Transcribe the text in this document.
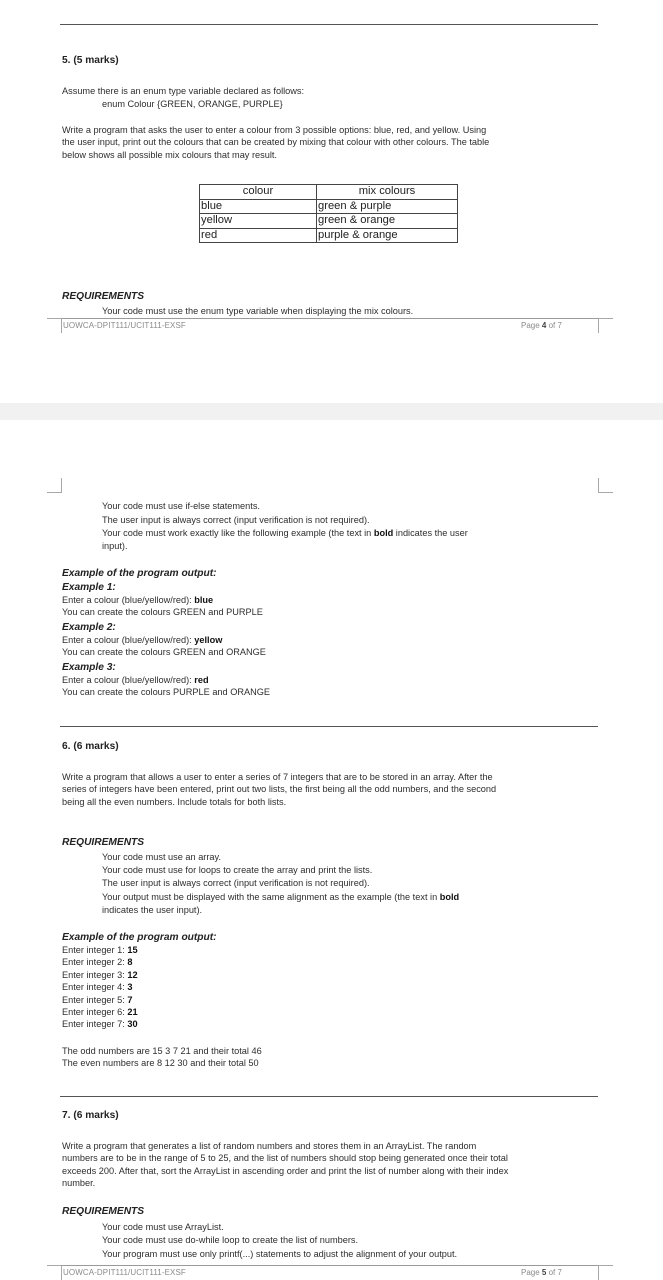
5. (5 marks)
Assume there is an enum type variable declared as follows:
enum Colour {GREEN, ORANGE, PURPLE}
Write a program that asks the user to enter a colour from 3 possible options: blue, red, and yellow. Using
the user input, print out the colours that can be created by mixing that colour with other colours. The table
below shows all possible mix colours that may result.
colour	mix colours
blue	green & purple
yellow	green & orange
red	purple & orange
REQUIREMENTS
Your code must use the enum type variable when displaying the mix colours.
UOWCA-DPIT111/UCIT111-EXSF	Page 4 of 7
Your code must use if-else statements.
The user input is always correct (input verification is not required).
Your code must work exactly like the following example (the text in bold indicates the user
input).
Example of the program output:
Example 1:
Enter a colour (blue/yellow/red): blue
You can create the colours GREEN and PURPLE
Example 2:
Enter a colour (blue/yellow/red): yellow
You can create the colours GREEN and ORANGE
Example 3:
Enter a colour (blue/yellow/red): red
You can create the colours PURPLE and ORANGE
6. (6 marks)
Write a program that allows a user to enter a series of 7 integers that are to be stored in an array. After the
series of integers have been entered, print out two lists, the first being all the odd numbers, and the second
being all the even numbers. Include totals for both lists.
REQUIREMENTS
Your code must use an array.
Your code must use for loops to create the array and print the lists.
The user input is always correct (input verification is not required).
Your output must be displayed with the same alignment as the example (the text in bold
indicates the user input).
Example of the program output:
Enter integer 1: 15
Enter integer 2: 8
Enter integer 3: 12
Enter integer 4: 3
Enter integer 5: 7
Enter integer 6: 21
Enter integer 7: 30
The odd numbers are 15 3 7 21 and their total 46
The even numbers are 8 12 30 and their total 50
7. (6 marks)
Write a program that generates a list of random numbers and stores them in an ArrayList. The random
numbers are to be in the range of 5 to 25, and the list of numbers should stop being generated once their total
exceeds 200. After that, sort the ArrayList in ascending order and print the list of number along with their index
number.
REQUIREMENTS
Your code must use ArrayList.
Your code must use do-while loop to create the list of numbers.
Your program must use only printf(...) statements to adjust the alignment of your output.
UOWCA-DPIT111/UCIT111-EXSF	Page 5 of 7
